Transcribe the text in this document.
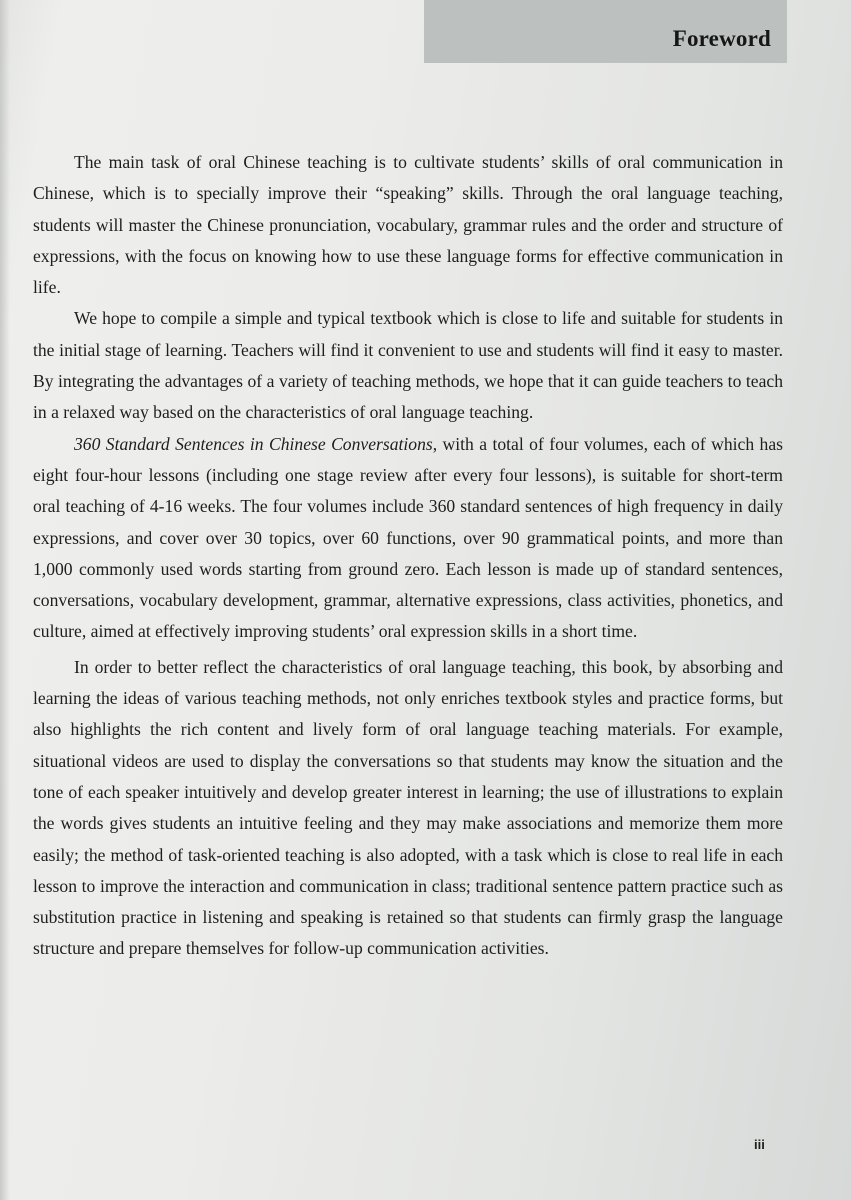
Foreword

The main task of oral Chinese teaching is to cultivate students’ skills of oral communication in Chinese, which is to specially improve their “speaking” skills. Through the oral language teaching, students will master the Chinese pronunciation, vocabulary, grammar rules and the order and structure of expressions, with the focus on knowing how to use these language forms for effective communication in life.

We hope to compile a simple and typical textbook which is close to life and suitable for students in the initial stage of learning. Teachers will find it convenient to use and students will find it easy to master. By integrating the advantages of a variety of teaching methods, we hope that it can guide teachers to teach in a relaxed way based on the characteristics of oral language teaching.

360 Standard Sentences in Chinese Conversations, with a total of four volumes, each of which has eight four-hour lessons (including one stage review after every four lessons), is suitable for short-term oral teaching of 4-16 weeks. The four volumes include 360 standard sentences of high frequency in daily expressions, and cover over 30 topics, over 60 functions, over 90 grammatical points, and more than 1,000 commonly used words starting from ground zero. Each lesson is made up of standard sentences, conversations, vocabulary development, grammar, alternative expressions, class activities, phonetics, and culture, aimed at effectively improving students’ oral expression skills in a short time.

In order to better reflect the characteristics of oral language teaching, this book, by absorbing and learning the ideas of various teaching methods, not only enriches textbook styles and practice forms, but also highlights the rich content and lively form of oral language teaching materials. For example, situational videos are used to display the conversations so that students may know the situation and the tone of each speaker intuitively and develop greater interest in learning; the use of illustrations to explain the words gives students an intuitive feeling and they may make associations and memorize them more easily; the method of task-oriented teaching is also adopted, with a task which is close to real life in each lesson to improve the interaction and communication in class; traditional sentence pattern practice such as substitution practice in listening and speaking is retained so that students can firmly grasp the language structure and prepare themselves for follow-up communication activities.

iii
